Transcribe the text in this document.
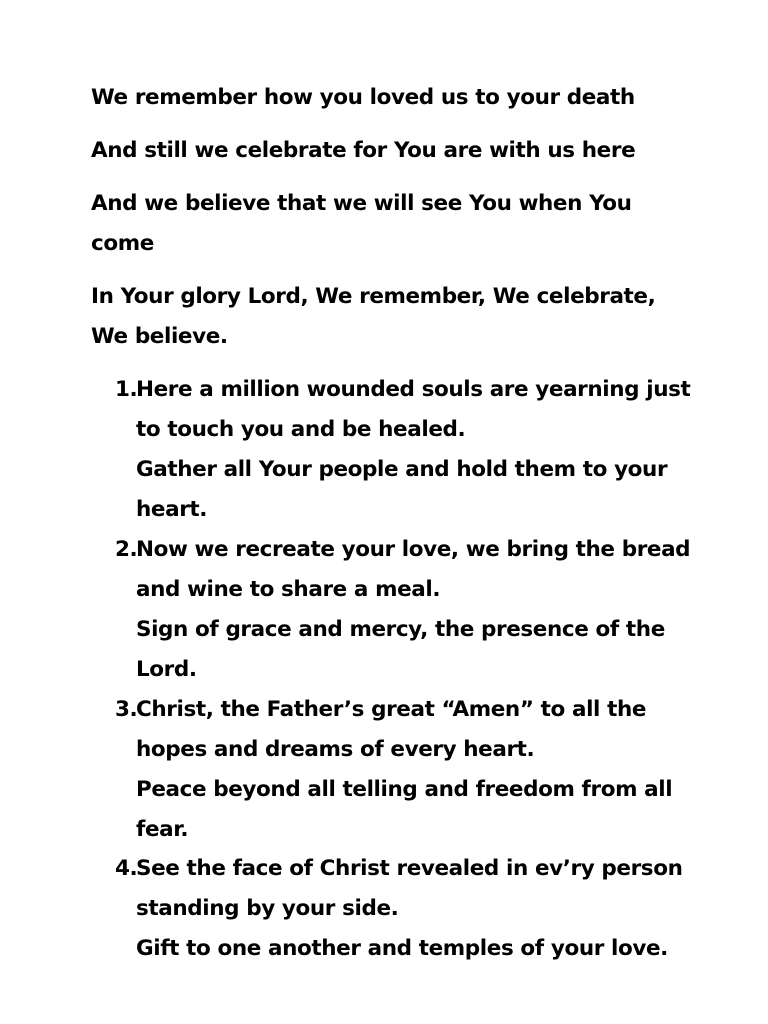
We remember how you loved us to your death
And still we celebrate for You are with us here
And we believe that we will see You when You
come
In Your glory Lord, We remember, We celebrate,
We believe.
1.
Here a million wounded souls are yearning just
to touch you and be healed.
Gather all Your people and hold them to your
heart.
2.
Now we recreate your love, we bring the bread
and wine to share a meal.
Sign of grace and mercy, the presence of the
Lord.
3.
Christ, the Father’s great “Amen” to all the
hopes and dreams of every heart.
Peace beyond all telling and freedom from all
fear.
4.
See the face of Christ revealed in ev’ry person
standing by your side.
Gift to one another and temples of your love.
